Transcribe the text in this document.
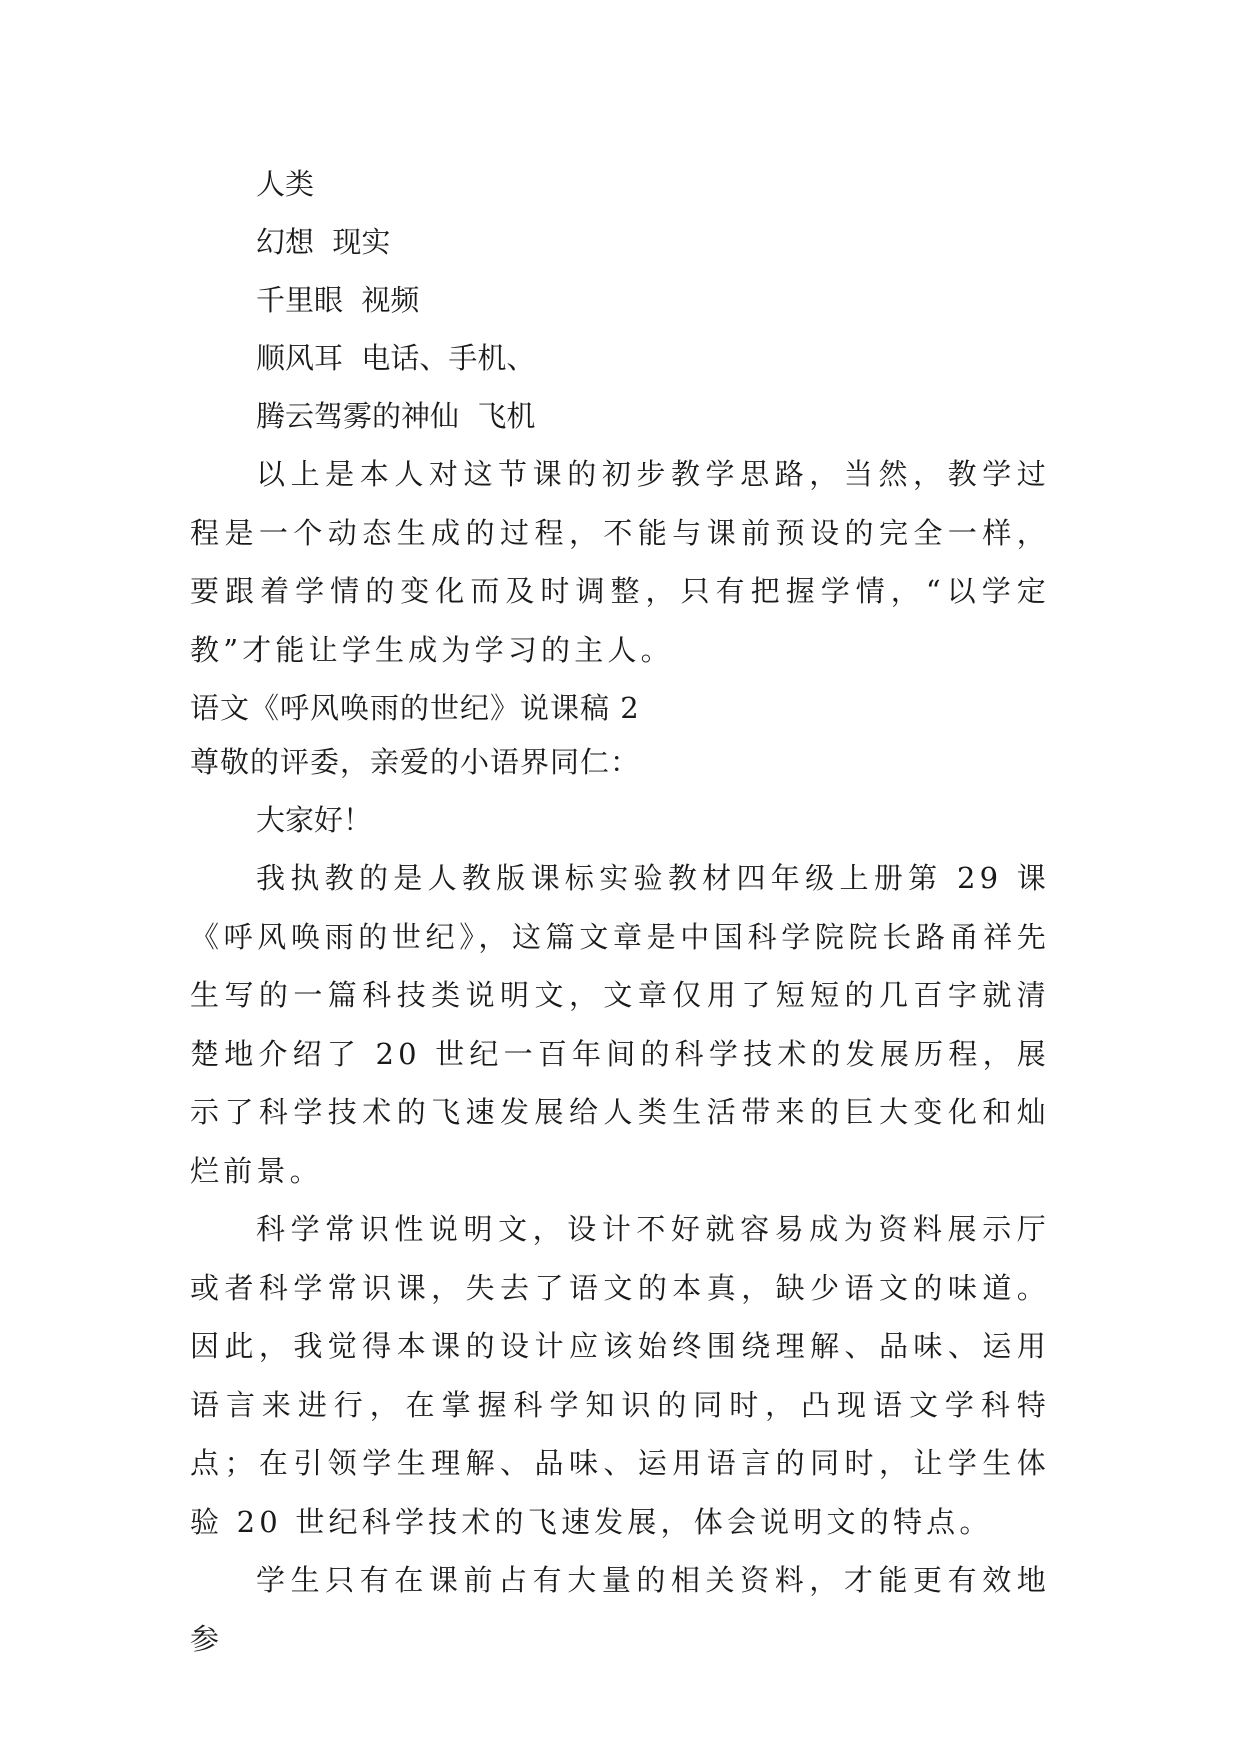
人类

幻想  现实

千里眼  视频

顺风耳  电话、手机、

腾云驾雾的神仙  飞机

以上是本人对这节课的初步教学思路，当然，教学过程是一个动态生成的过程，不能与课前预设的完全一样，要跟着学情的变化而及时调整，只有把握学情，“以学定教”才能让学生成为学习的主人。

语文《呼风唤雨的世纪》说课稿 2

尊敬的评委，亲爱的小语界同仁：

大家好！

我执教的是人教版课标实验教材四年级上册第 29 课《呼风唤雨的世纪》，这篇文章是中国科学院院长路甬祥先生写的一篇科技类说明文，文章仅用了短短的几百字就清楚地介绍了 20 世纪一百年间的科学技术的发展历程，展示了科学技术的飞速发展给人类生活带来的巨大变化和灿烂前景。

科学常识性说明文，设计不好就容易成为资料展示厅或者科学常识课，失去了语文的本真，缺少语文的味道。因此，我觉得本课的设计应该始终围绕理解、品味、运用语言来进行，在掌握科学知识的同时，凸现语文学科特点；在引领学生理解、品味、运用语言的同时，让学生体验 20 世纪科学技术的飞速发展，体会说明文的特点。

学生只有在课前占有大量的相关资料，才能更有效地参
